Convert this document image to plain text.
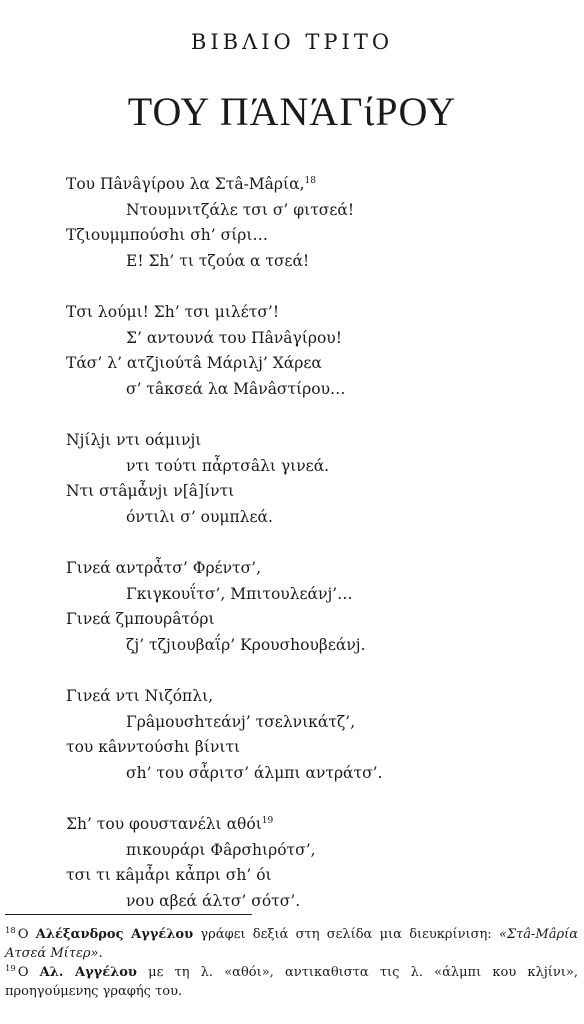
ΒΙΒΛΙΟ ΤΡΙΤΟ
ΤΟΥ ΠΆΝΆΓίΡΟΥ
Του Πâνâγίρου λα Στâ-Μâρία,$^{18}$
Ντουμνιτζάλε τσι σ’ φιτσεά!
Τζιουμμπούσhι σh’ σίρι…
Ε! Σh’ τι τζούα α τσεά!
Τσι λούμι! Σh’ τσι μιλέτσ’!
Σ’ αντουνά του Πâνâγίρου!
Τάσ’ λ’ ατζjιούτâ Μάριλj’ Χάρεα
σ’ τâκσεά λα Μâνâστίρου…
Νjίλjι ντι οάμινjι
ντι τούτι πἆρτσâλι γινεά.
Ντι στâμἆνjι ν[â]ίντι
όντιλι σ’ ουμπλεά.
Γινεά αντρἆτσ’ Φρέντσ’,
Γκιγκουΐτσ’, Μπιτουλεάνj’…
Γινεά ζμπουρâτόρι
ζj’ τζjιουβαΐρ’ Κρουσhουβεάνj.
Γινεά ντι Νιζόπλι,
Γρâμουσhτεάνj’ τσελνικάτζ’,
του κâνντούσhι βίνιτι
σh’ του σἆριτσ’ άλμπι αντράτσ’.
Σh’ του φουστανέλι αθόι$^{19}$
πικουράρι Φâρσhιρότσ’,
τσι τι κâμἆρι κἆπρι σh’ όι
νου αβεά άλτσ’ σότσ’.
$^{18}$ Ο Αλέξανδρος Αγγέλου γράφει δεξιά στη σελίδα μια διευκρίνιση: «Στâ-Μâρία Ατσεά Μίτερ».
$^{19}$ Ο Αλ. Αγγέλου με τη λ. «αθόι», αντικαθιστα τις λ. «άλμπι κου κλjίνι», προηγούμενης γραφής του.
